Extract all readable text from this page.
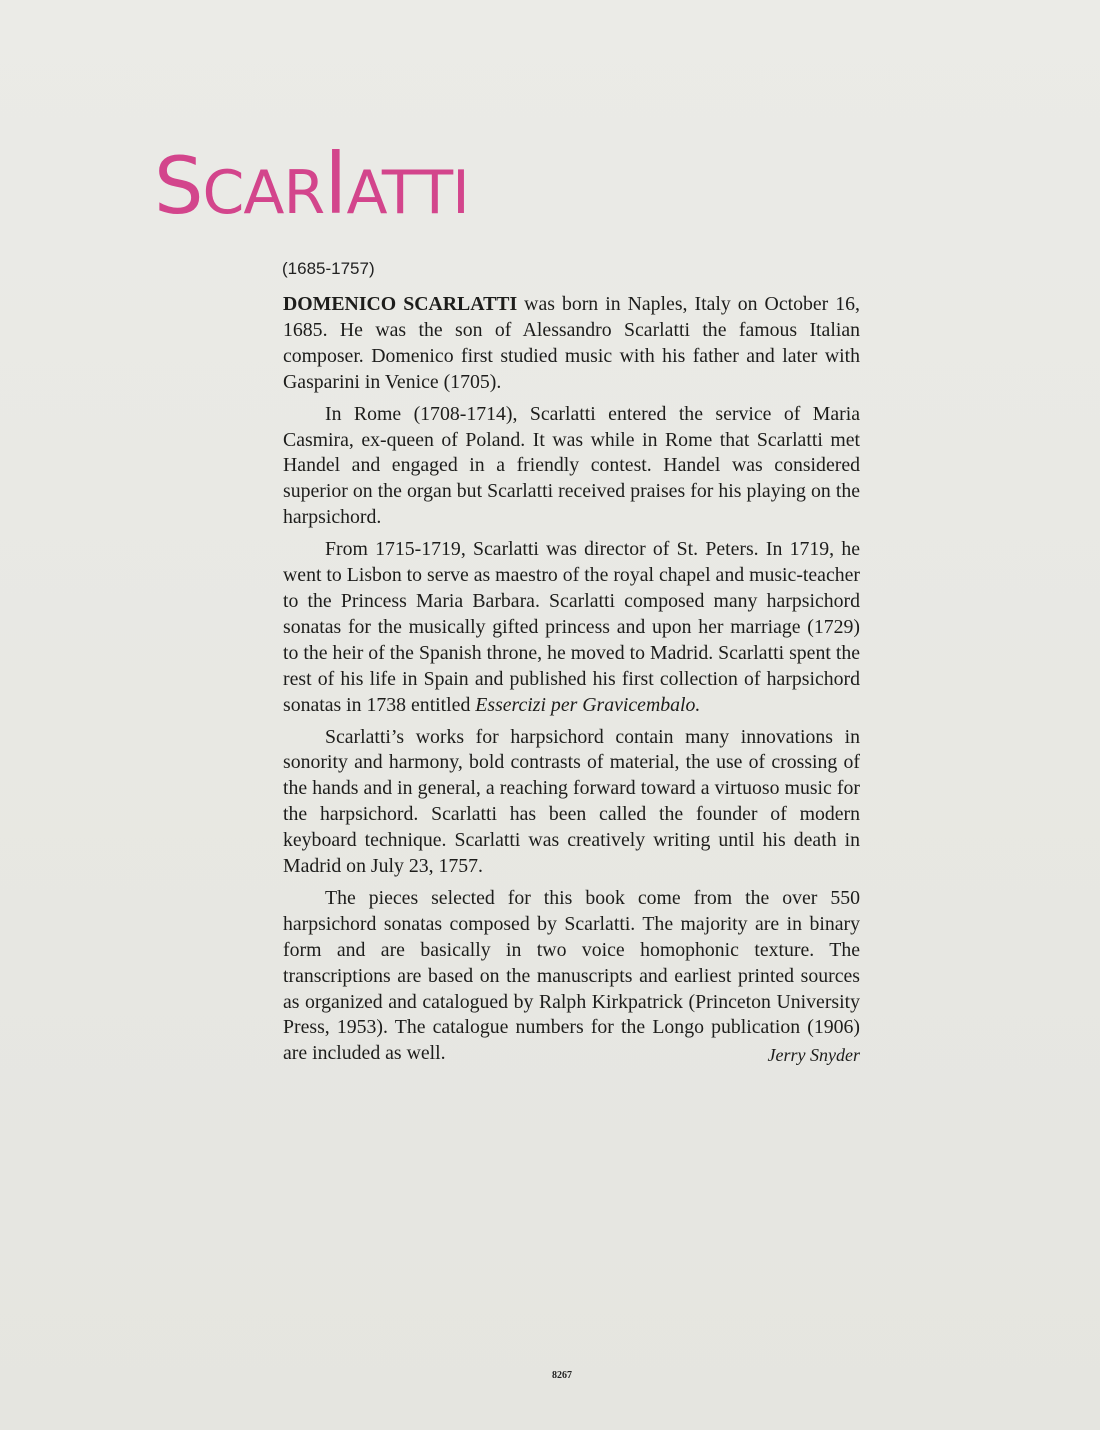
SCARlATTI
(1685-1757)

DOMENICO SCARLATTI was born in Naples, Italy on October 16, 1685. He was the son of Alessandro Scarlatti the famous Italian composer. Domenico first studied music with his father and later with Gasparini in Venice (1705).

In Rome (1708-1714), Scarlatti entered the service of Maria Casmira, ex-queen of Poland. It was while in Rome that Scarlatti met Handel and engaged in a friendly contest. Handel was considered superior on the organ but Scarlatti received praises for his playing on the harpsichord.

From 1715-1719, Scarlatti was director of St. Peters. In 1719, he went to Lisbon to serve as maestro of the royal chapel and music-teacher to the Princess Maria Barbara. Scarlatti composed many harpsichord sonatas for the musically gifted princess and upon her marriage (1729) to the heir of the Spanish throne, he moved to Madrid. Scarlatti spent the rest of his life in Spain and published his first collection of harpsichord sonatas in 1738 entitled Essercizi per Gravicembalo.

Scarlatti’s works for harpsichord contain many innovations in sonority and harmony, bold contrasts of material, the use of crossing of the hands and in general, a reaching forward toward a virtuoso music for the harpsichord. Scarlatti has been called the founder of modern keyboard technique. Scarlatti was creatively writing until his death in Madrid on July 23, 1757.

The pieces selected for this book come from the over 550 harpsichord sonatas composed by Scarlatti. The majority are in binary form and are basically in two voice homophonic texture. The transcriptions are based on the manuscripts and earliest printed sources as organized and catalogued by Ralph Kirkpatrick (Princeton University Press, 1953). The catalogue numbers for the Longo publication (1906) are included as well.	Jerry Snyder

8267
